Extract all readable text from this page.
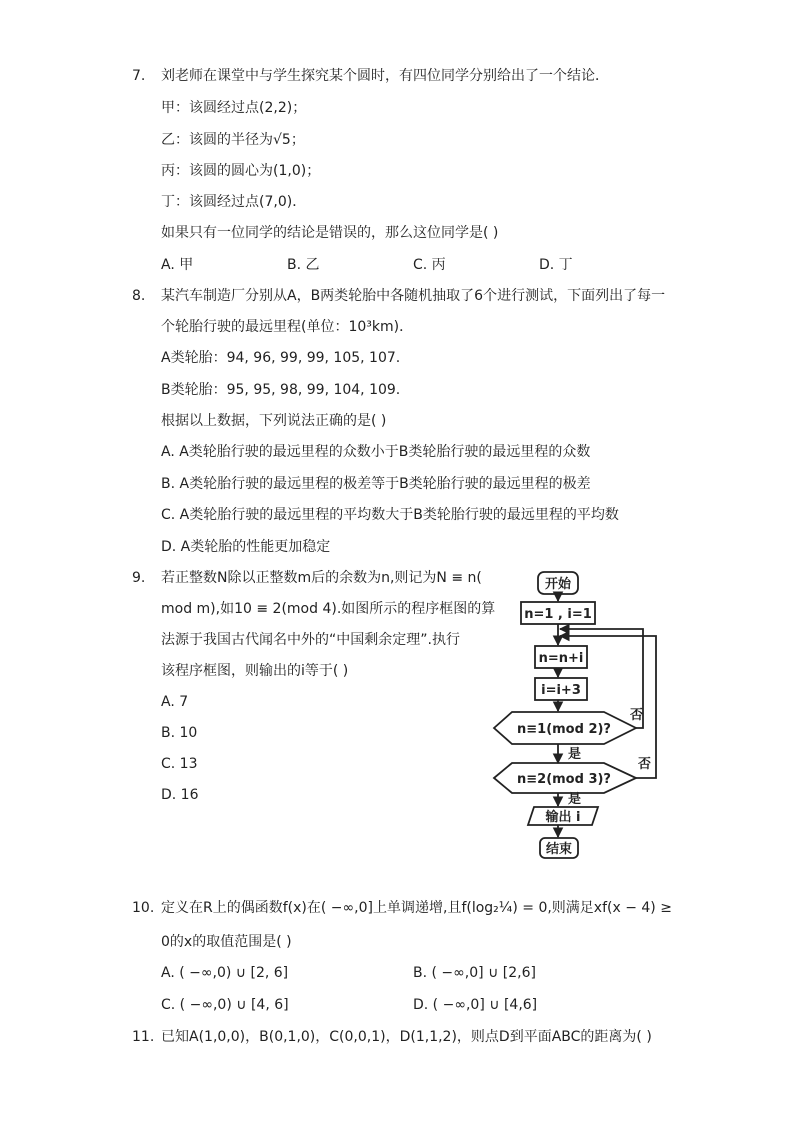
7. 刘老师在课堂中与学生探究某个圆时，有四位同学分别给出了一个结论．
甲：该圆经过点(2,2)；
乙：该圆的半径为√5；
丙：该圆的圆心为(1,0)；
丁：该圆经过点(7,0)．
如果只有一位同学的结论是错误的，那么这位同学是( )
A. 甲	B. 乙	C. 丙	D. 丁
8. 某汽车制造厂分别从A，B两类轮胎中各随机抽取了6个进行测试，下面列出了每一
个轮胎行驶的最远里程(单位：10³km)．
A类轮胎：94, 96, 99, 99, 105, 107.
B类轮胎：95, 95, 98, 99, 104, 109.
根据以上数据，下列说法正确的是( )
A. A类轮胎行驶的最远里程的众数小于B类轮胎行驶的最远里程的众数
B. A类轮胎行驶的最远里程的极差等于B类轮胎行驶的最远里程的极差
C. A类轮胎行驶的最远里程的平均数大于B类轮胎行驶的最远里程的平均数
D. A类轮胎的性能更加稳定
9. 若正整数N除以正整数m后的余数为n,则记为N ≡ n(
mod m),如10 ≡ 2(mod 4).如图所示的程序框图的算
法源于我国古代闻名中外的“中国剩余定理”.执行
该程序框图，则输出的i等于( )
A. 7
B. 10
C. 13
D. 16
开始
n=1 , i=1
n=n+i
i=i+3
n≡1(mod 2)?
n≡2(mod 3)?
输出 i
结束
否
否
是
是
10. 定义在R上的偶函数f(x)在( −∞,0]上单调递增,且f(log₂¼) = 0,则满足xf(x − 4) ≥
0的x的取值范围是( )
A. ( −∞,0) ∪ [2, 6]	B. ( −∞,0] ∪ [2,6]
C. ( −∞,0) ∪ [4, 6]	D. ( −∞,0] ∪ [4,6]
11. 已知A(1,0,0)，B(0,1,0)，C(0,0,1)，D(1,1,2)，则点D到平面ABC的距离为( )
